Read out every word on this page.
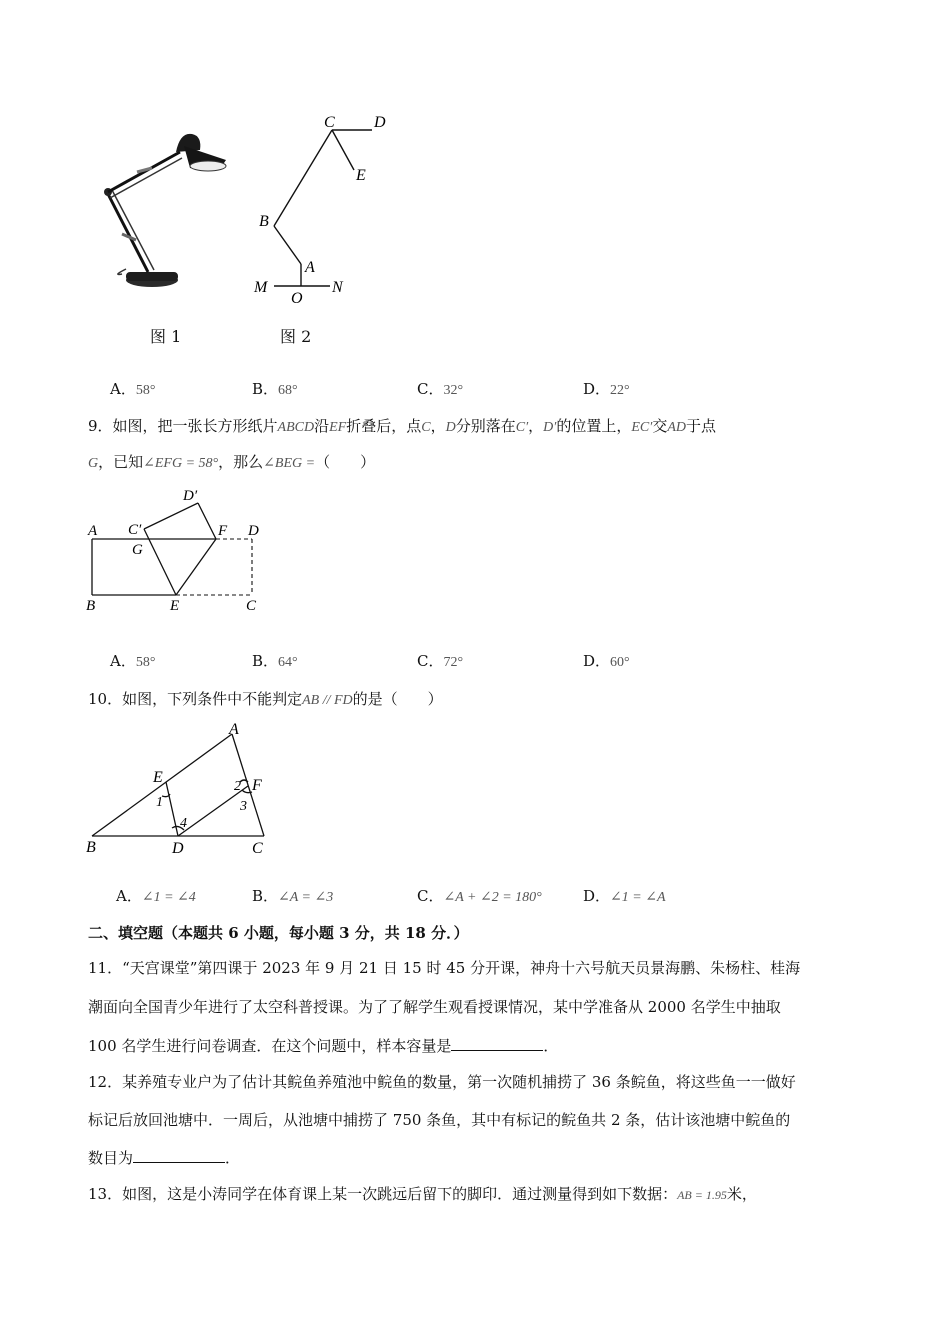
C D
E
B
A
M
O
N
图 1	图 2
A．58°	B．68°	C．32°	D．22°
9．如图，把一张长方形纸片ABCD沿EF折叠后，点C，D分别落在C′，D′的位置上，EC′交AD于点
G，已知∠EFG = 58°，那么∠BEG =（　　）
A
B
C′
D′
F D
G
E	C
A．58°	B．64°	C．72°	D．60°
10．如图，下列条件中不能判定AB // FD的是（　　）
A
E	F
B	D	C
1
2
3
4
A．∠1 = ∠4	B．∠A = ∠3	C．∠A + ∠2 = 180°	D．∠1 = ∠A
二、填空题（本题共 6 小题，每小题 3 分，共 18 分．）
11．“天宫课堂”第四课于 2023 年 9 月 21 日 15 时 45 分开课，神舟十六号航天员景海鹏、朱杨柱、桂海
潮面向全国青少年进行了太空科普授课。为了了解学生观看授课情况，某中学准备从 2000 名学生中抽取
100 名学生进行问卷调查．在这个问题中，样本容量是	．
12．某养殖专业户为了估计其鲩鱼养殖池中鲩鱼的数量，第一次随机捕捞了 36 条鲩鱼，将这些鱼一一做好
标记后放回池塘中．一周后，从池塘中捕捞了 750 条鱼，其中有标记的鲩鱼共 2 条，估计该池塘中鲩鱼的
数目为	．
13．如图，这是小涛同学在体育课上某一次跳远后留下的脚印．通过测量得到如下数据：AB = 1.95米，
